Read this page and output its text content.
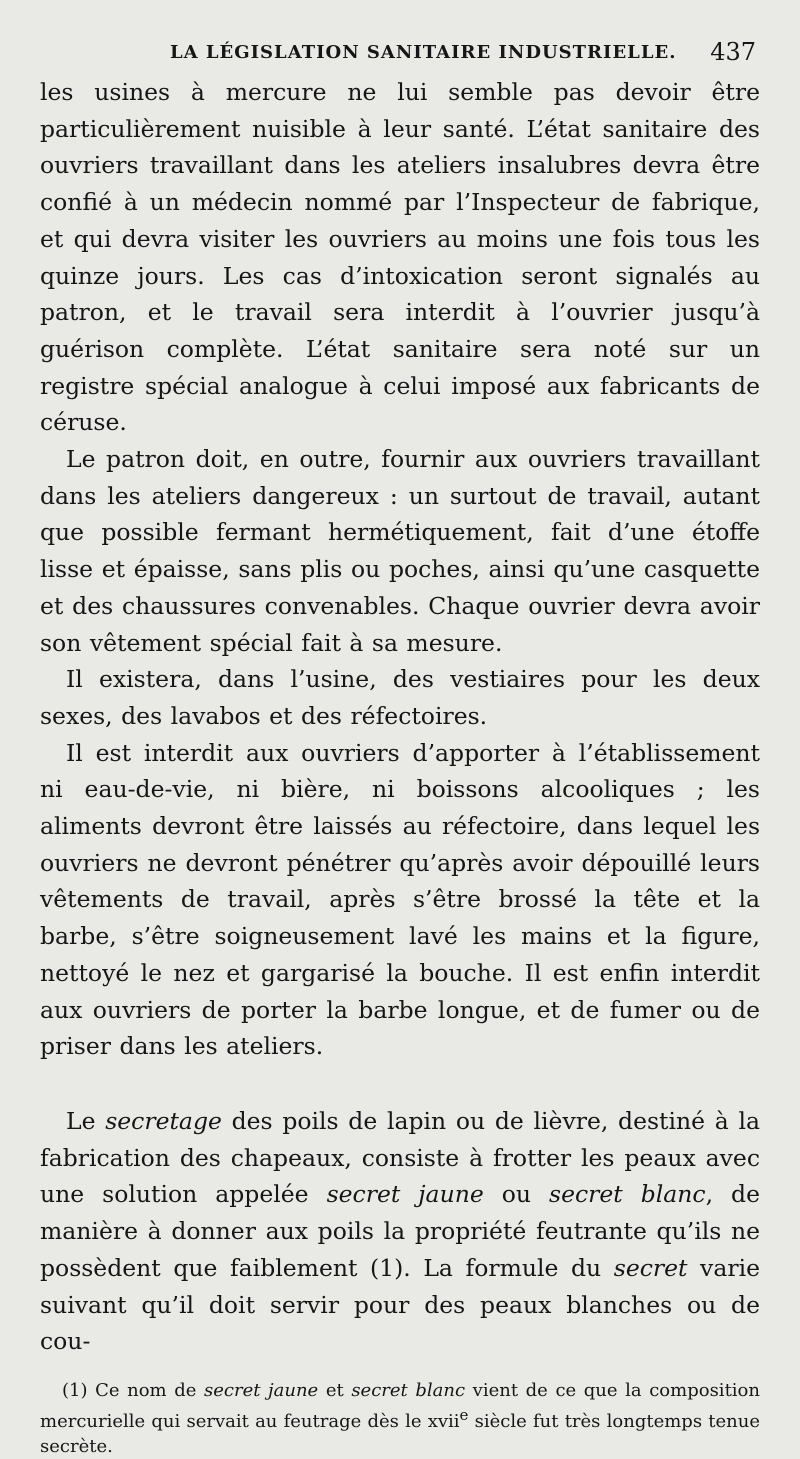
LA LÉGISLATION SANITAIRE INDUSTRIELLE. 437

les usines à mercure ne lui semble pas devoir être particulièrement nuisible à leur santé. L’état sanitaire des ouvriers travaillant dans les ateliers insalubres devra être confié à un médecin nommé par l’Inspecteur de fabrique, et qui devra visiter les ouvriers au moins une fois tous les quinze jours. Les cas d’intoxication seront signalés au patron, et le travail sera interdit à l’ouvrier jusqu’à guérison complète. L’état sanitaire sera noté sur un registre spécial analogue à celui imposé aux fabricants de céruse.

Le patron doit, en outre, fournir aux ouvriers travaillant dans les ateliers dangereux : un surtout de travail, autant que possible fermant hermétiquement, fait d’une étoffe lisse et épaisse, sans plis ou poches, ainsi qu’une casquette et des chaussures convenables. Chaque ouvrier devra avoir son vêtement spécial fait à sa mesure.

Il existera, dans l’usine, des vestiaires pour les deux sexes, des lavabos et des réfectoires.

Il est interdit aux ouvriers d’apporter à l’établissement ni eau-de-vie, ni bière, ni boissons alcooliques ; les aliments devront être laissés au réfectoire, dans lequel les ouvriers ne devront pénétrer qu’après avoir dépouillé leurs vêtements de travail, après s’être brossé la tête et la barbe, s’être soigneusement lavé les mains et la figure, nettoyé le nez et gargarisé la bouche. Il est enfin interdit aux ouvriers de porter la barbe longue, et de fumer ou de priser dans les ateliers.

Le secretage des poils de lapin ou de lièvre, destiné à la fabrication des chapeaux, consiste à frotter les peaux avec une solution appelée secret jaune ou secret blanc, de manière à donner aux poils la propriété feutrante qu’ils ne possèdent que faiblement (1). La formule du secret varie suivant qu’il doit servir pour des peaux blanches ou de cou-

(1) Ce nom de secret jaune et secret blanc vient de ce que la composition mercurielle qui servait au feutrage dès le xvii$^e$ siècle fut très longtemps tenue secrète.
